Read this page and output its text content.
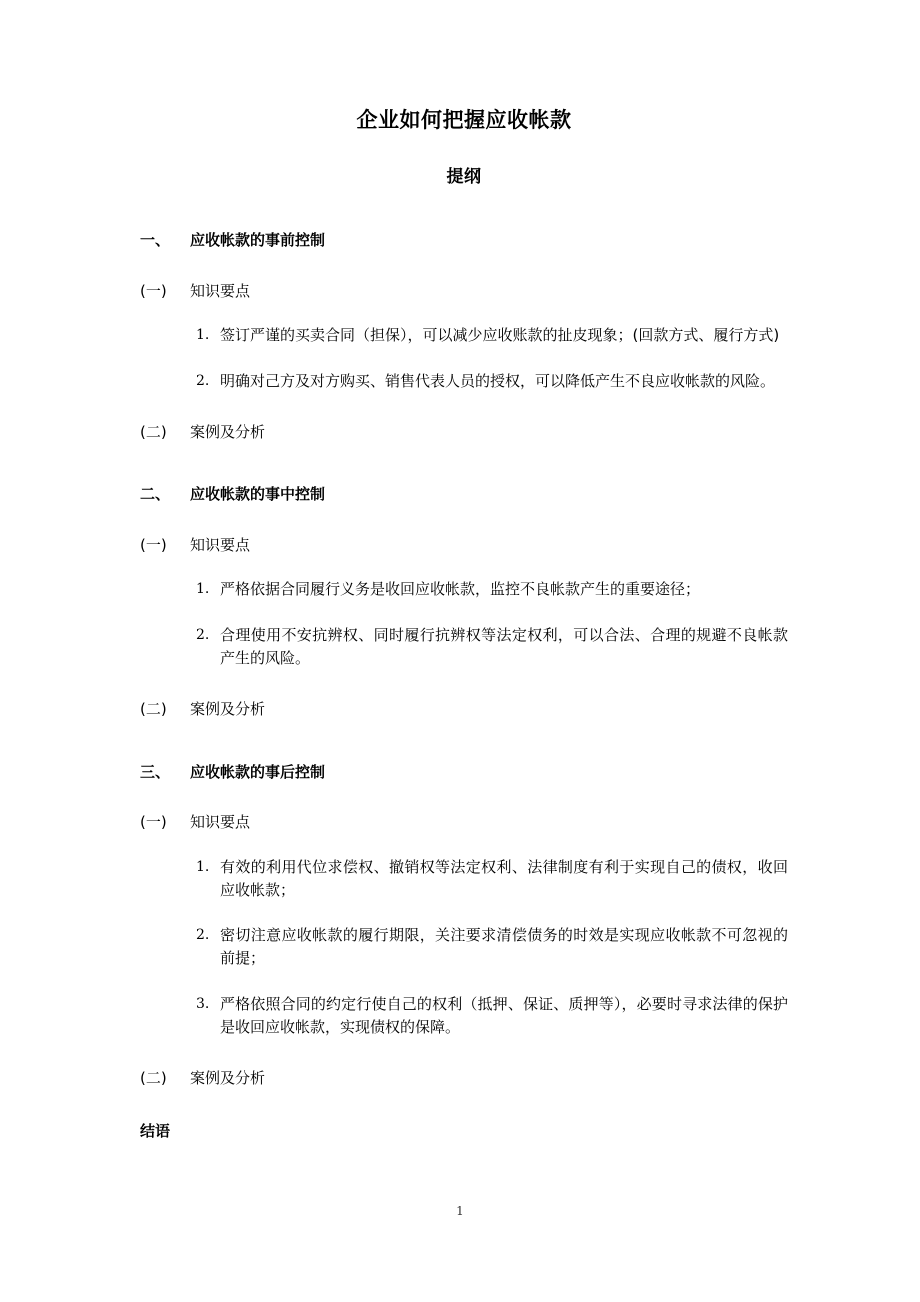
企业如何把握应收帐款
提纲
一、	应收帐款的事前控制
(一)	知识要点
1. 签订严谨的买卖合同（担保），可以减少应收账款的扯皮现象；(回款方式、履行方式)
2. 明确对己方及对方购买、销售代表人员的授权，可以降低产生不良应收帐款的风险。
(二)	案例及分析
二、	应收帐款的事中控制
(一)	知识要点
1. 严格依据合同履行义务是收回应收帐款，监控不良帐款产生的重要途径；
2. 合理使用不安抗辨权、同时履行抗辨权等法定权利，可以合法、合理的规避不良帐款产生的风险。
(二)	案例及分析
三、	应收帐款的事后控制
(一)	知识要点
1. 有效的利用代位求偿权、撤销权等法定权利、法律制度有利于实现自己的债权，收回应收帐款；
2. 密切注意应收帐款的履行期限，关注要求清偿债务的时效是实现应收帐款不可忽视的前提；
3. 严格依照合同的约定行使自己的权利（抵押、保证、质押等），必要时寻求法律的保护是收回应收帐款，实现债权的保障。
(二)	案例及分析
结语
1
